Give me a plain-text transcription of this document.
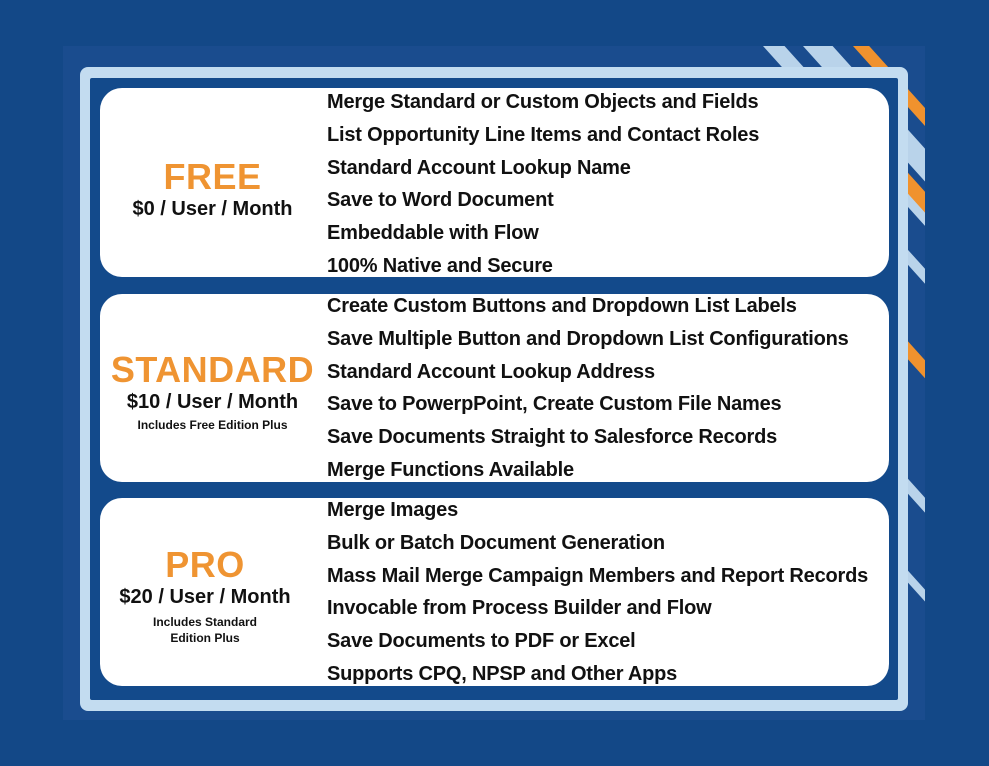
FREE
$0 / User / Month
Merge Standard or Custom Objects and Fields
List Opportunity Line Items and Contact Roles
Standard Account Lookup Name
Save to Word Document
Embeddable with Flow
100% Native and Secure
STANDARD
$10 / User / Month
Includes Free Edition Plus
Create Custom Buttons and Dropdown List Labels
Save Multiple Button and Dropdown List Configurations
Standard Account Lookup Address
Save to PowerpPoint, Create Custom File Names
Save Documents Straight to Salesforce Records
Merge Functions Available
PRO
$20 / User / Month
Includes Standard
Edition Plus
Merge Images
Bulk or Batch Document Generation
Mass Mail Merge Campaign Members and Report Records
Invocable from Process Builder and Flow
Save Documents to PDF or Excel
Supports CPQ, NPSP and Other Apps
